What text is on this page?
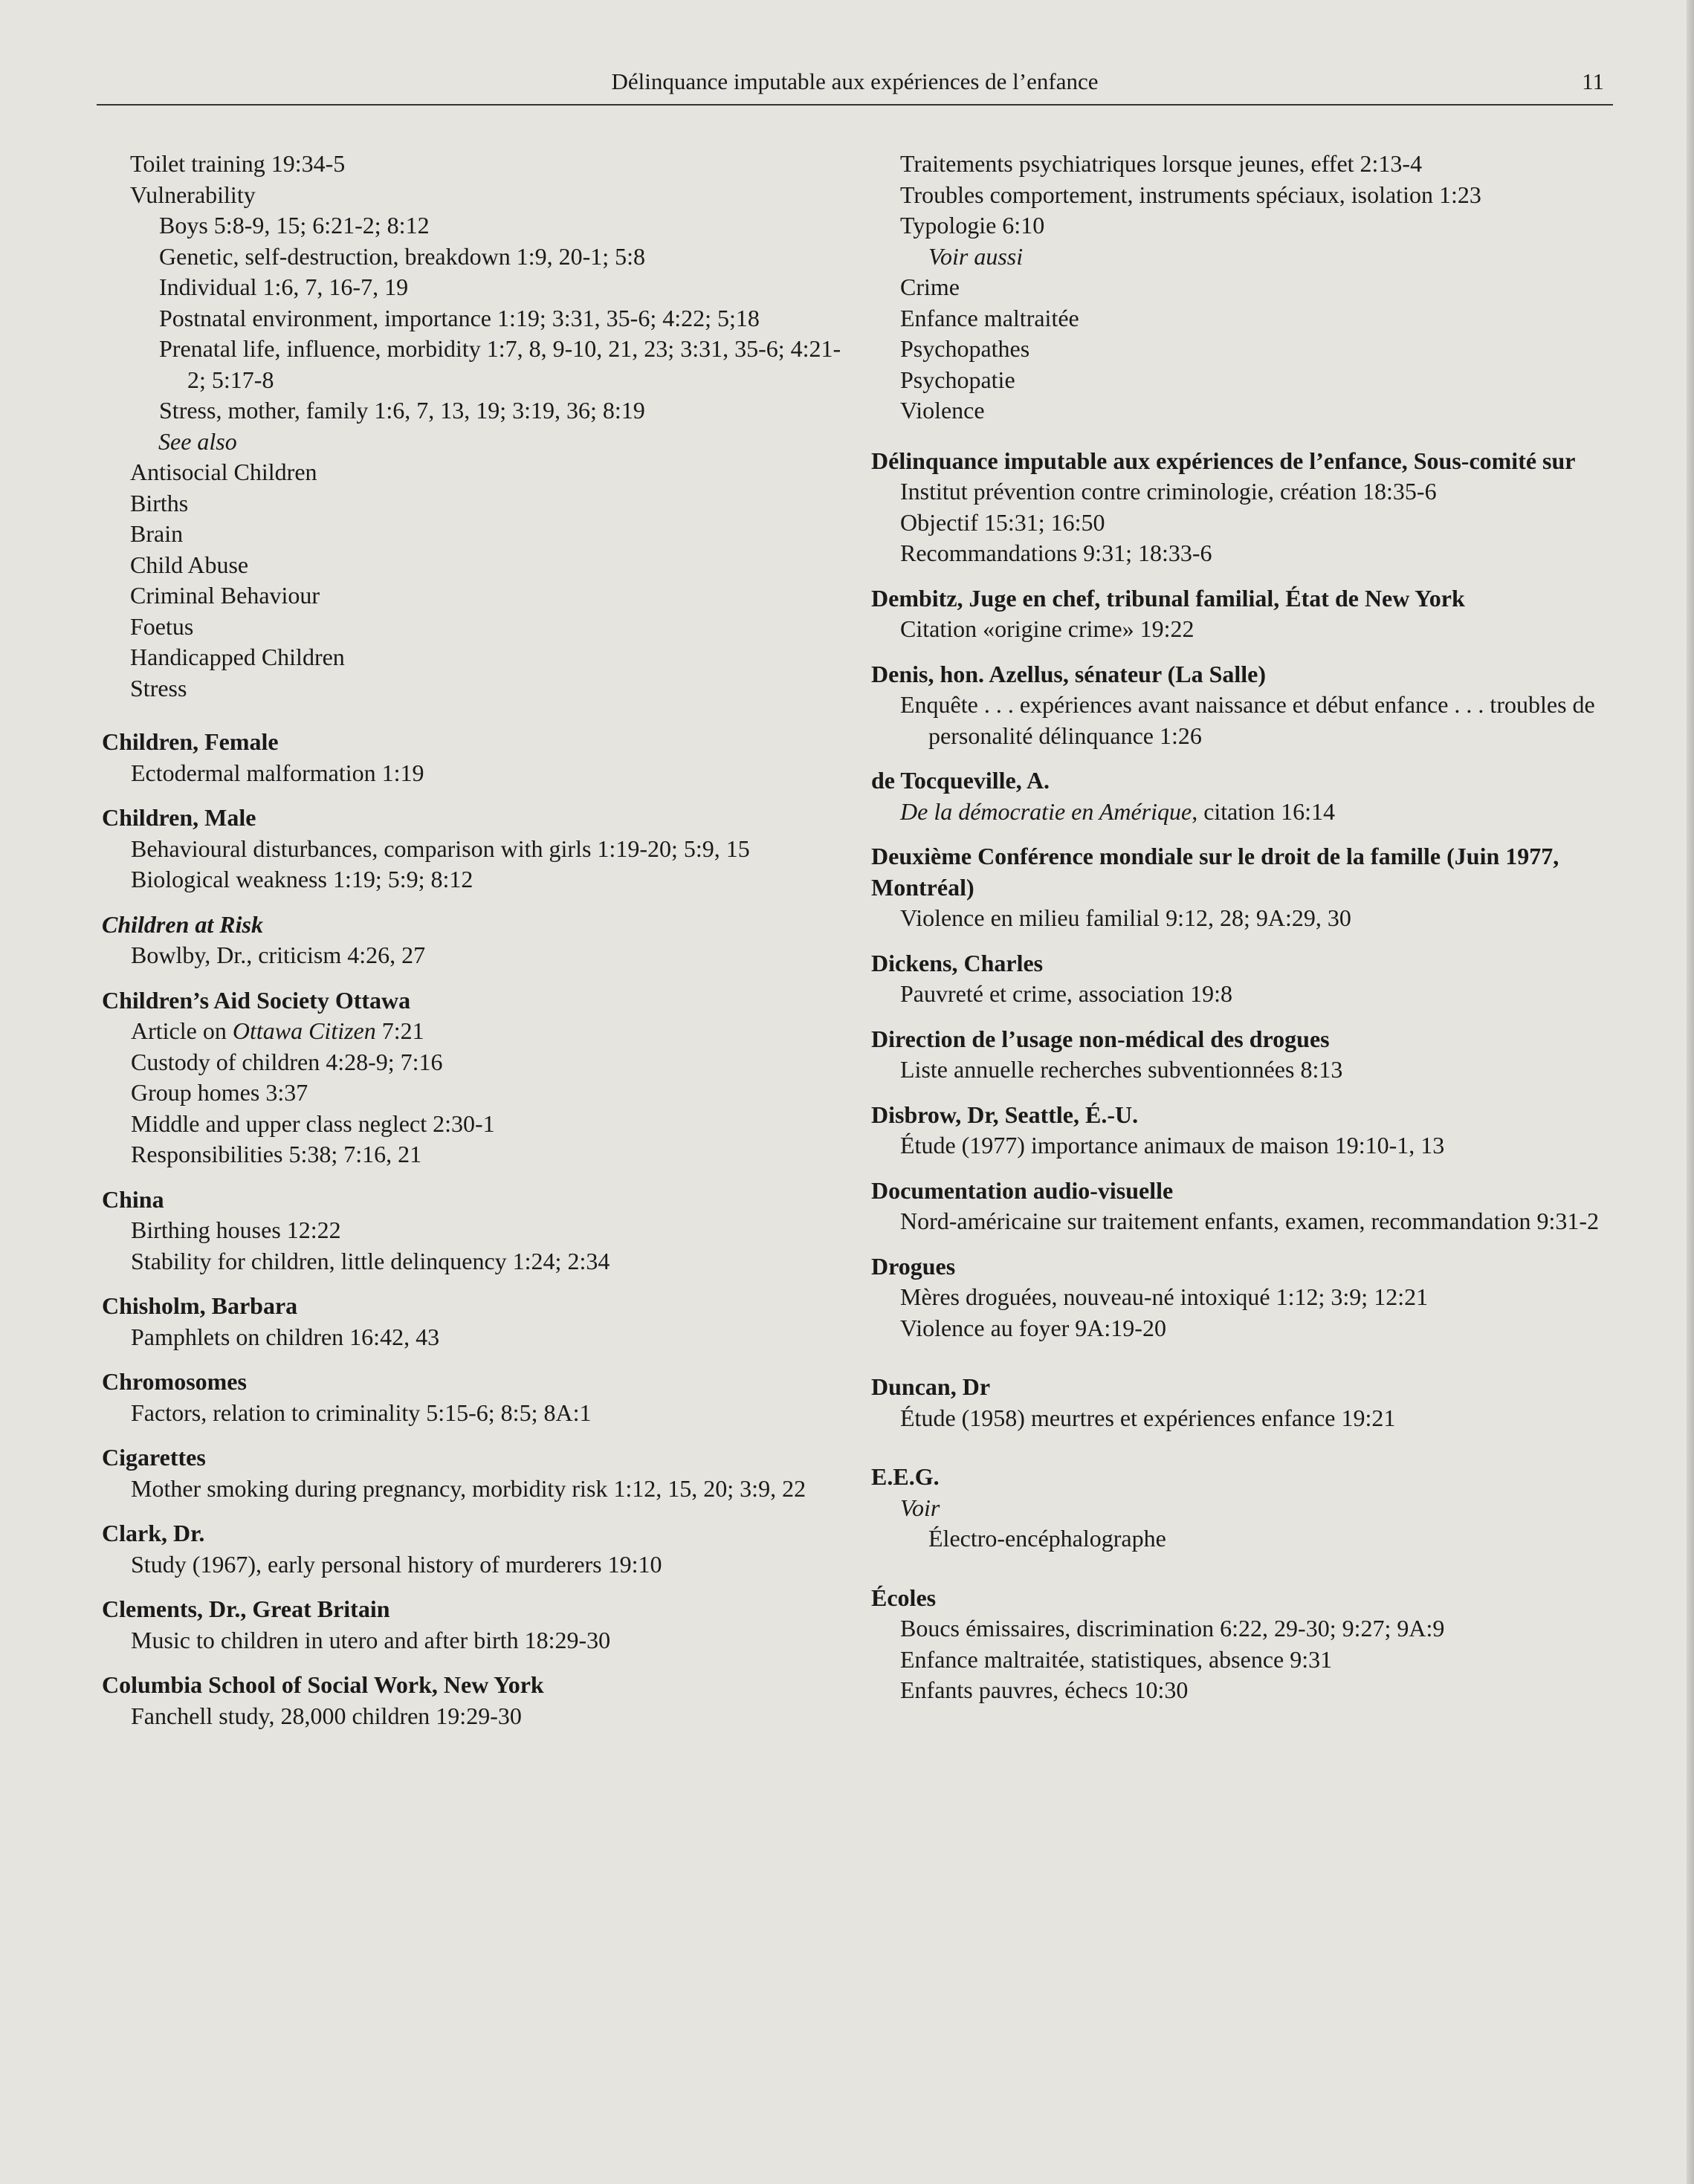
Délinquance imputable aux expériences de l’enfance	11
Toilet training 19:34-5
Vulnerability
Boys 5:8-9, 15; 6:21-2; 8:12
Genetic, self-destruction, breakdown 1:9, 20-1; 5:8
Individual 1:6, 7, 16-7, 19
Postnatal environment, importance 1:19; 3:31, 35-6; 4:22; 5;18
Prenatal life, influence, morbidity 1:7, 8, 9-10, 21, 23; 3:31, 35-6; 4:21-2; 5:17-8
Stress, mother, family 1:6, 7, 13, 19; 3:19, 36; 8:19
See also
Antisocial Children
Births
Brain
Child Abuse
Criminal Behaviour
Foetus
Handicapped Children
Stress
Children, Female
Ectodermal malformation 1:19
Children, Male
Behavioural disturbances, comparison with girls 1:19-20; 5:9, 15
Biological weakness 1:19; 5:9; 8:12
Children at Risk
Bowlby, Dr., criticism 4:26, 27
Children’s Aid Society Ottawa
Article on Ottawa Citizen 7:21
Custody of children 4:28-9; 7:16
Group homes 3:37
Middle and upper class neglect 2:30-1
Responsibilities 5:38; 7:16, 21
China
Birthing houses 12:22
Stability for children, little delinquency 1:24; 2:34
Chisholm, Barbara
Pamphlets on children 16:42, 43
Chromosomes
Factors, relation to criminality 5:15-6; 8:5; 8A:1
Cigarettes
Mother smoking during pregnancy, morbidity risk 1:12, 15, 20; 3:9, 22
Clark, Dr.
Study (1967), early personal history of murderers 19:10
Clements, Dr., Great Britain
Music to children in utero and after birth 18:29-30
Columbia School of Social Work, New York
Fanchell study, 28,000 children 19:29-30
Traitements psychiatriques lorsque jeunes, effet 2:13-4
Troubles comportement, instruments spéciaux, isolation 1:23
Typologie 6:10
Voir aussi
Crime
Enfance maltraitée
Psychopathes
Psychopatie
Violence
Délinquance imputable aux expériences de l’enfance, Sous-comité sur
Institut prévention contre criminologie, création 18:35-6
Objectif 15:31; 16:50
Recommandations 9:31; 18:33-6
Dembitz, Juge en chef, tribunal familial, État de New York
Citation «origine crime» 19:22
Denis, hon. Azellus, sénateur (La Salle)
Enquête . . . expériences avant naissance et début enfance . . . troubles de personalité délinquance 1:26
de Tocqueville, A.
De la démocratie en Amérique, citation 16:14
Deuxième Conférence mondiale sur le droit de la famille (Juin 1977, Montréal)
Violence en milieu familial 9:12, 28; 9A:29, 30
Dickens, Charles
Pauvreté et crime, association 19:8
Direction de l’usage non-médical des drogues
Liste annuelle recherches subventionnées 8:13
Disbrow, Dr, Seattle, É.-U.
Étude (1977) importance animaux de maison 19:10-1, 13
Documentation audio-visuelle
Nord-américaine sur traitement enfants, examen, recommandation 9:31-2
Drogues
Mères droguées, nouveau-né intoxiqué 1:12; 3:9; 12:21
Violence au foyer 9A:19-20
Duncan, Dr
Étude (1958) meurtres et expériences enfance 19:21
E.E.G.
Voir
Électro-encéphalographe
Écoles
Boucs émissaires, discrimination 6:22, 29-30; 9:27; 9A:9
Enfance maltraitée, statistiques, absence 9:31
Enfants pauvres, échecs 10:30
